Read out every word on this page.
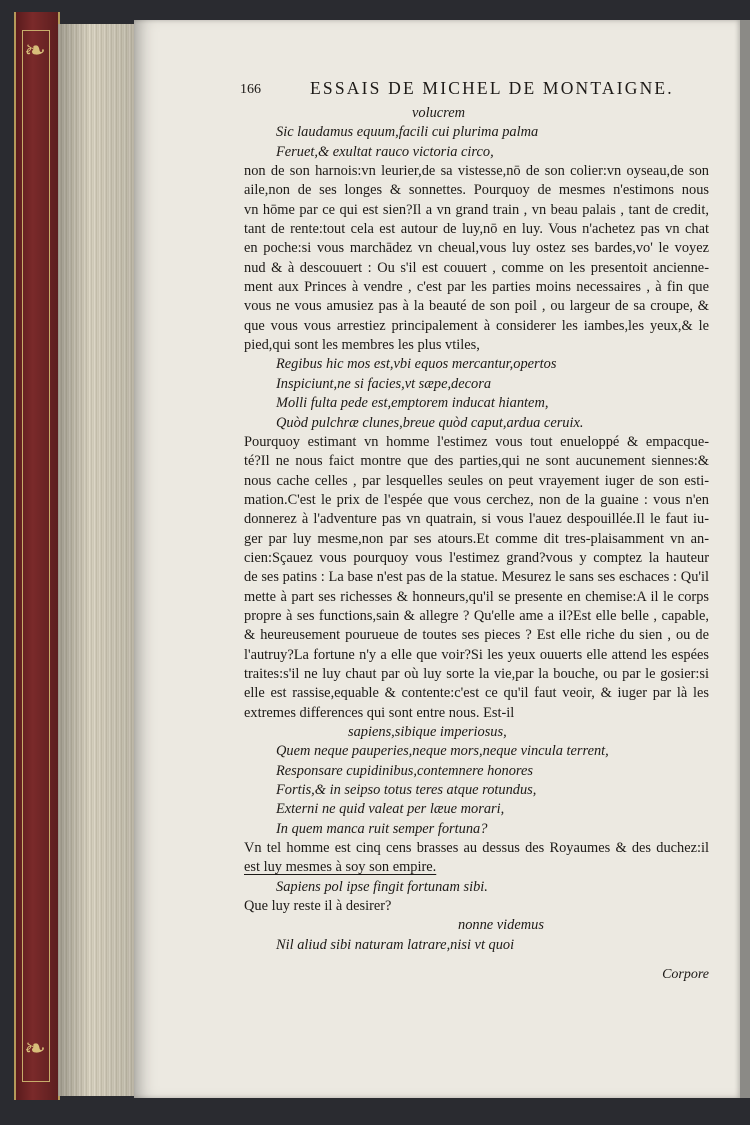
❧
❧
166	ESSAIS DE MICHEL DE MONTAIGNE.
volucrem
Sic laudamus equum,facili cui plurima palma
Feruet,& exultat rauco victoria circo,
non de son harnois:vn leurier,de sa vistesse,nō de son colier:vn oyseau,de son
aile,non de ses longes & sonnettes. Pourquoy de mesmes n'estimons nous
vn hōme par ce qui est sien?Il a vn grand train , vn beau palais , tant de credit,
tant de rente:tout cela est autour de luy,nō en luy. Vous n'achetez pas vn chat
en poche:si vous marchādez vn cheual,vous luy ostez ses bardes,vo' le voyez
nud & à descouuert : Ou s'il est couuert , comme on les presentoit ancienne-
ment aux Princes à vendre , c'est par les parties moins necessaires , à fin que
vous ne vous amusiez pas à la beauté de son poil , ou largeur de sa croupe, &
que vous vous arrestiez principalement à considerer les iambes,les yeux,& le
pied,qui sont les membres les plus vtiles,
Regibus hic mos est,vbi equos mercantur,opertos
Inspiciunt,ne si facies,vt sæpe,decora
Molli fulta pede est,emptorem inducat hiantem,
Quòd pulchræ clunes,breue quòd caput,ardua ceruix.
Pourquoy estimant vn homme l'estimez vous tout enueloppé & empacque-
té?Il ne nous faict montre que des parties,qui ne sont aucunement siennes:&
nous cache celles , par lesquelles seules on peut vrayement iuger de son esti-
mation.C'est le prix de l'espée que vous cerchez, non de la guaine : vous n'en
donnerez à l'adventure pas vn quatrain, si vous l'auez despouillée.Il le faut iu-
ger par luy mesme,non par ses atours.Et comme dit tres-plaisamment vn an-
cien:Sçauez vous pourquoy vous l'estimez grand?vous y comptez la hauteur
de ses patins : La base n'est pas de la statue. Mesurez le sans ses eschaces : Qu'il
mette à part ses richesses & honneurs,qu'il se presente en chemise:A il le corps
propre à ses functions,sain & allegre ? Qu'elle ame a il?Est elle belle , capable,
& heureusement pourueue de toutes ses pieces ? Est elle riche du sien , ou de
l'autruy?La fortune n'y a elle que voir?Si les yeux ouuerts elle attend les espées
traites:s'il ne luy chaut par où luy sorte la vie,par la bouche, ou par le gosier:si
elle est rassise,equable & contente:c'est ce qu'il faut veoir, & iuger par là les
extremes differences qui sont entre nous. Est-il
sapiens,sibique imperiosus,
Quem neque pauperies,neque mors,neque vincula terrent,
Responsare cupidinibus,contemnere honores
Fortis,& in seipso totus teres atque rotundus,
Externi ne quid valeat per læue morari,
In quem manca ruit semper fortuna?
Vn tel homme est cinq cens brasses au dessus des Royaumes & des duchez:il
est luy mesmes à soy son empire.
Sapiens pol ipse fingit fortunam sibi.
Que luy reste il à desirer?
nonne videmus
Nil aliud sibi naturam latrare,nisi vt quoi
Corpore
